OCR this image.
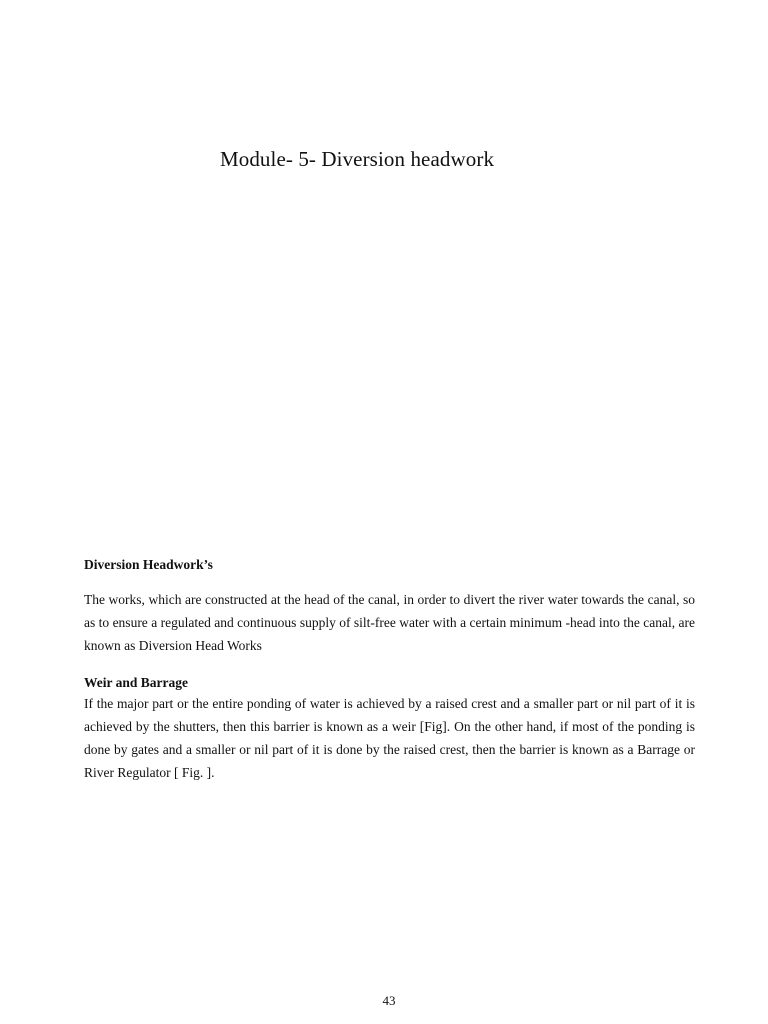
Module- 5- Diversion headwork

Diversion Headwork’s

The works, which are constructed at the head of the canal, in order to divert the river water towards the canal, so as to ensure a regulated and continuous supply of silt-free water with a certain minimum -head into the canal, are known as Diversion Head Works

Weir and Barrage

If the major part or the entire ponding of water is achieved by a raised crest and a smaller part or nil part of it is achieved by the shutters, then this barrier is known as a weir [Fig]. On the other hand, if most of the ponding is done by gates and a smaller or nil part of it is done by the raised crest, then the barrier is known as a Barrage or River Regulator [ Fig. ].

43
